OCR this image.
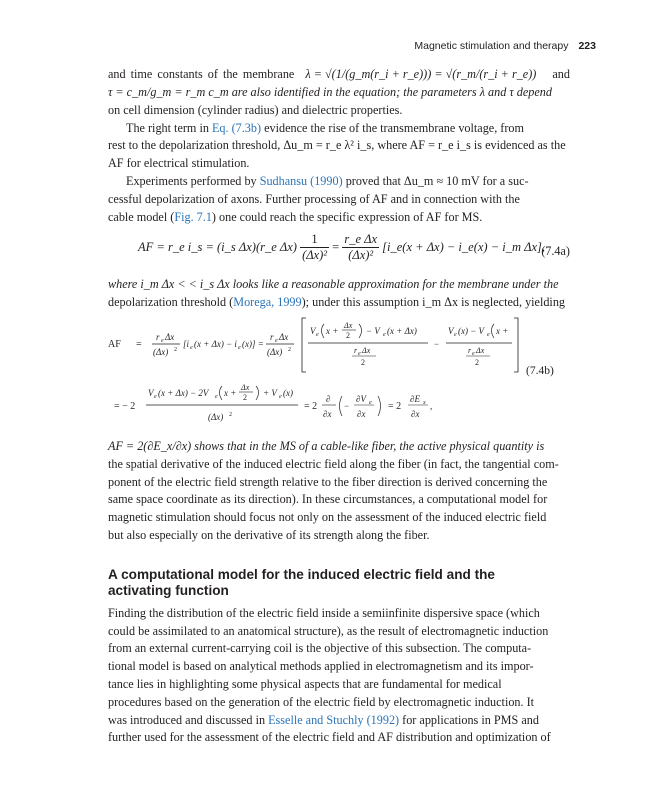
Magnetic stimulation and therapy 223

and time constants of the membrane λ = √(1/(g_m(r_i + r_e))) = √(r_m/(r_i + r_e)) and

τ = c_m/g_m = r_m c_m are also identified in the equation; the parameters λ and τ depend

on cell dimension (cylinder radius) and dielectric properties.

The right term in Eq. (7.3b) evidence the rise of the transmembrane voltage, from

rest to the depolarization threshold, Δu_m = r_e λ² i_s, where AF = r_e i_s is evidenced as the

AF for electrical stimulation.

Experiments performed by Sudhansu (1990) proved that Δu_m ≈ 10 mV for a suc-

cessful depolarization of axons. Further processing of AF and in connection with the

cable model (Fig. 7.1) one could reach the specific expression of AF for MS.

AF = r_e i_s = (i_s Δx)(r_e $\Delta x) \frac{1}{\text{(Δx)²}} = \frac{\text{r\_e Δx}}{\text{(Δx)²}}$ [i_e(x + Δx) − i_e(x) − i_m Δx],
(7.4a)

where i_m Δx < < i_s Δx looks like a reasonable approximation for the membrane under the

depolarization threshold (Morega, 1999); under this assumption i_m Δx is neglected, yielding

AF =
r e Δx
(Δx) 2
[i e (x + Δx) − i e (x)] =
r e Δx
(Δx) 2
V e x +
Δx
2 − V e (x + Δx)
r e Δx
2
−
V e (x) − V e x +
r e Δx
2
(7.4b)
V e (x + Δx) − 2V e x +
Δx
2 + V e (x)
= − 2
(Δx) 2
= 2
∂
∂x
−
∂V e
∂x
= 2
∂E x
∂x
,

AF = 2(∂E_x/∂x) shows that in the MS of a cable-like fiber, the active physical quantity is

the spatial derivative of the induced electric field along the fiber (in fact, the tangential com-

ponent of the electric field strength relative to the fiber direction is derived concerning the

same space coordinate as its direction). In these circumstances, a computational model for

magnetic stimulation should focus not only on the assessment of the induced electric field

but also especially on the derivative of its strength along the fiber.

A computational model for the induced electric field and the
activating function

Finding the distribution of the electric field inside a semiinfinite dispersive space (which

could be assimilated to an anatomical structure), as the result of electromagnetic induction

from an external current-carrying coil is the objective of this subsection. The computa-

tional model is based on analytical methods applied in electromagnetism and its impor-

tance lies in highlighting some physical aspects that are fundamental for medical

procedures based on the generation of the electric field by electromagnetic induction. It

was introduced and discussed in Esselle and Stuchly (1992) for applications in PMS and

further used for the assessment of the electric field and AF distribution and optimization of
